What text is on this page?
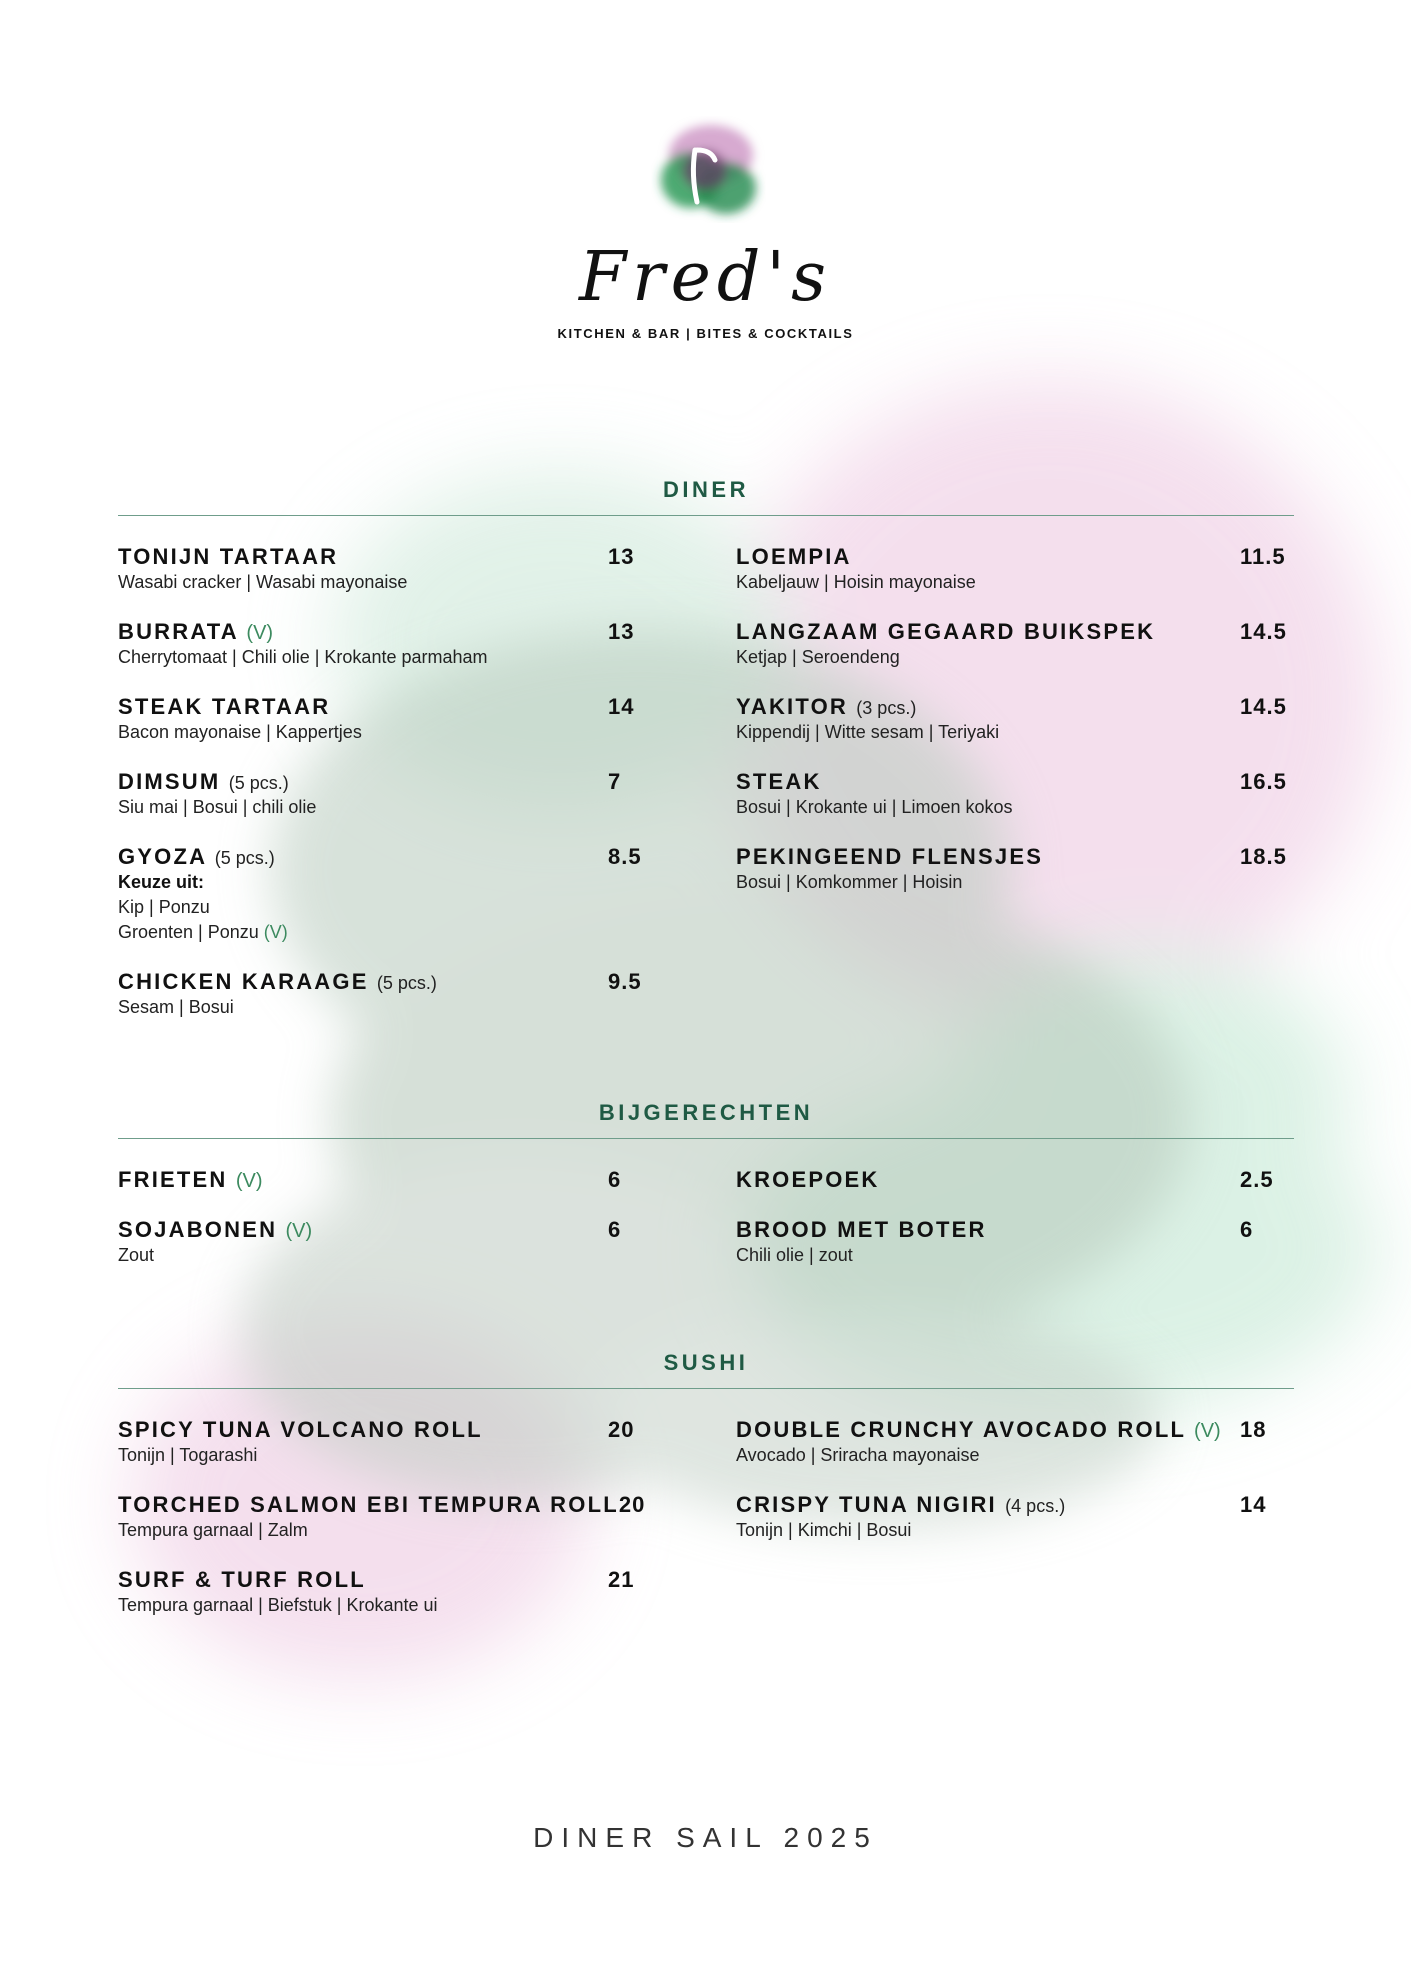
Fred's
KITCHEN & BAR | BITES & COCKTAILS
DINER
TONIJN TARTAAR	13
Wasabi cracker | Wasabi mayonaise
BURRATA (V)	13
Cherrytomaat | Chili olie | Krokante parmaham
STEAK TARTAAR	14
Bacon mayonaise | Kappertjes
DIMSUM (5 pcs.)	7
Siu mai | Bosui | chili olie
GYOZA (5 pcs.)	8.5
Keuze uit:
Kip | Ponzu
Groenten | Ponzu (V)
CHICKEN KARAAGE (5 pcs.)	9.5
Sesam | Bosui
LOEMPIA	11.5
Kabeljauw | Hoisin mayonaise
LANGZAAM GEGAARD BUIKSPEK	14.5
Ketjap | Seroendeng
YAKITOR (3 pcs.)	14.5
Kippendij | Witte sesam | Teriyaki
STEAK	16.5
Bosui | Krokante ui | Limoen kokos
PEKINGEEND FLENSJES	18.5
Bosui | Komkommer | Hoisin
BIJGERECHTEN
FRIETEN (V)	6
SOJABONEN (V)	6
Zout
KROEPOEK	2.5
BROOD MET BOTER	6
Chili olie | zout
SUSHI
SPICY TUNA VOLCANO ROLL	20
Tonijn | Togarashi
TORCHED SALMON EBI TEMPURA ROLL 20
Tempura garnaal | Zalm
SURF & TURF ROLL	21
Tempura garnaal | Biefstuk | Krokante ui
DOUBLE CRUNCHY AVOCADO ROLL (V) 18
Avocado | Sriracha mayonaise
CRISPY TUNA NIGIRI (4 pcs.)	14
Tonijn | Kimchi | Bosui
DINER SAIL 2025
